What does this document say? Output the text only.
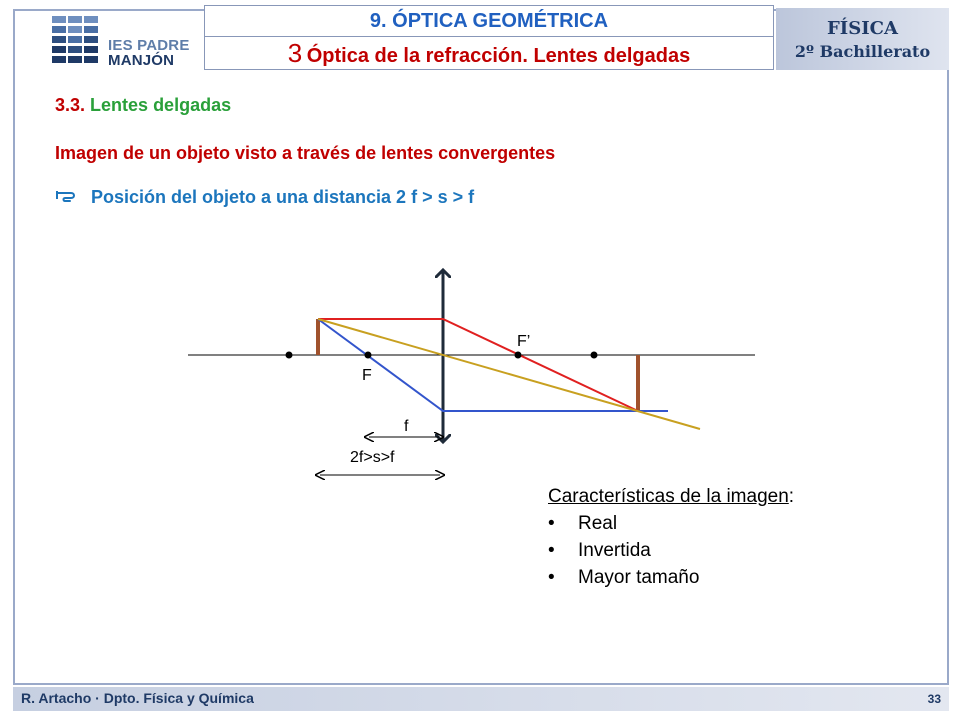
IES PADRE
MANJÓN
9. ÓPTICA GEOMÉTRICA
3 Óptica de la refracción. Lentes delgadas
FÍSICA
2º Bachillerato
3.3. Lentes delgadas
Imagen de un objeto visto a través de lentes convergentes
Posición del objeto a una distancia 2 f > s > f
F
F’
f
2f>s>f
Características de la imagen:
• Real
• Invertida
• Mayor tamaño
R. Artacho · Dpto. Física y Química	33
